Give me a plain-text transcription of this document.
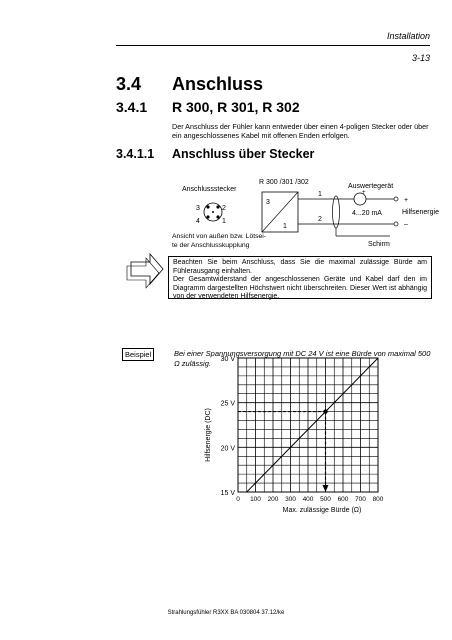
Installation
3-13
3.4 Anschluss
3.4.1 R 300, R 301, R 302
Der Anschluss der Fühler kann entweder über einen 4-poligen Stecker oder über ein angeschlossenes Kabel mit offenen Enden erfolgen.
3.4.1.1 Anschluss über Stecker
Anschlussstecker
3	2
4	1
Ansicht von außen bzw. Lötsei-
te der Anschlusskupplung
R 300 /301 /302
3
1
1
2
Schirm
Auswertegerät
+
+
4...20 mA	Hilfsenergie
–
Beachten Sie beim Anschluss, dass Sie die maximal zulässige Bürde am Fühlerausgang einhalten.
Der Gesamtwiderstand der angeschlossenen Geräte und Kabel darf den im Diagramm dargestellten Höchstwert nicht überschreiten. Dieser Wert ist abhängig von der verwendeten Hilfsenergie.
Beispiel	Bei einer Spannungsversorgung mit DC 24 V ist eine Bürde von maximal 500 Ω zulässig.
0 100 200 300 400 500 600 700 800
15 V
20 V
25 V
30 V
Max. zulässige Bürde (Ω)
Hilfsenergie (DC)
Strahlungsfühler R3XX BA 030804 37.12/ke
